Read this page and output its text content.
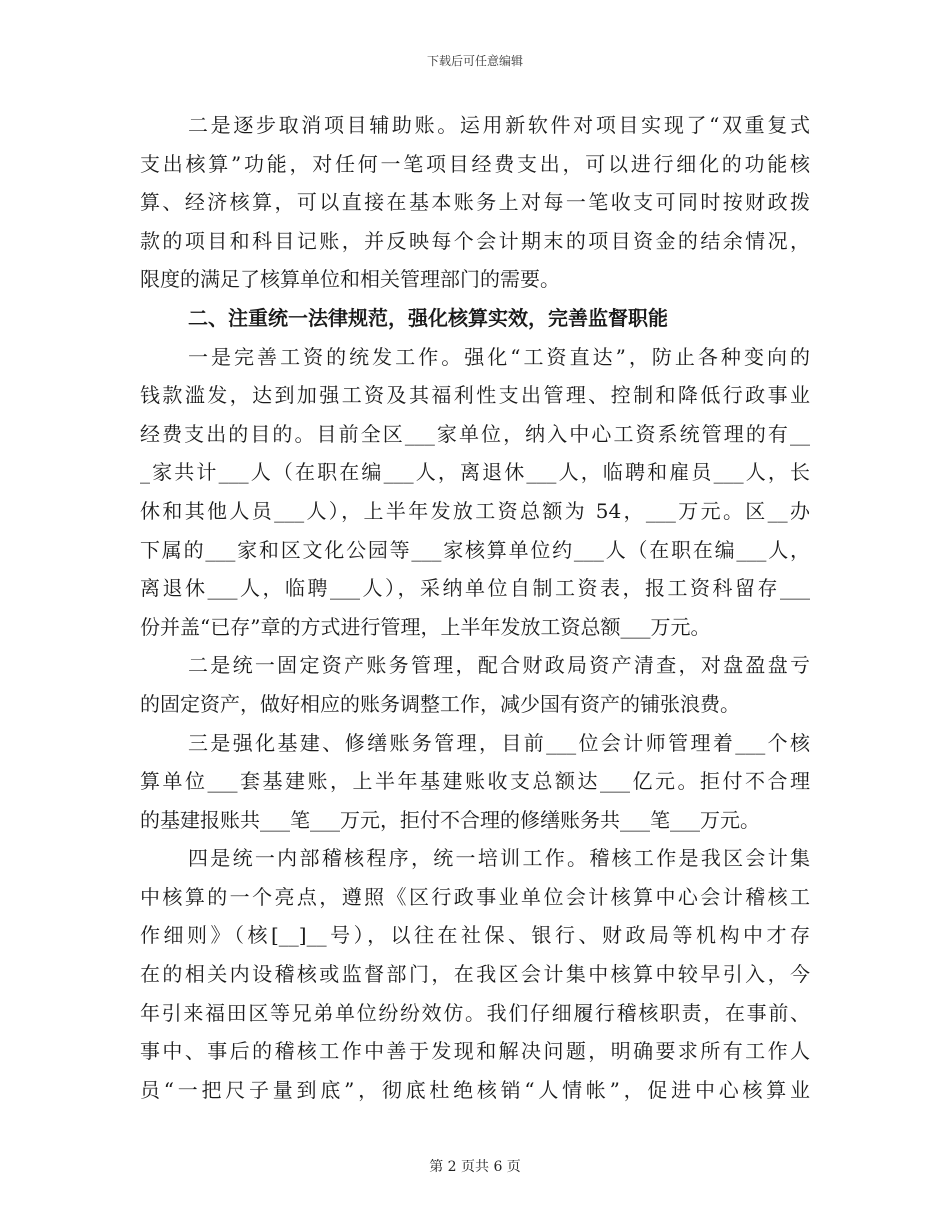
下载后可任意编辑
二是逐步取消项目辅助账。运用新软件对项目实现了“双重复式
支出核算”功能，对任何一笔项目经费支出，可以进行细化的功能核
算、经济核算，可以直接在基本账务上对每一笔收支可同时按财政拨
款的项目和科目记账，并反映每个会计期末的项目资金的结余情况，
限度的满足了核算单位和相关管理部门的需要。
二、注重统一法律规范，强化核算实效，完善监督职能
一是完善工资的统发工作。强化“工资直达”，防止各种变向的
钱款滥发，达到加强工资及其福利性支出管理、控制和降低行政事业
经费支出的目的。目前全区___家单位，纳入中心工资系统管理的有__
_家共计___人（在职在编___人，离退休___人，临聘和雇员___人，长
休和其他人员___人），上半年发放工资总额为 54，___万元。区__办
下属的___家和区文化公园等___家核算单位约___人（在职在编___人，
离退休___人，临聘___人），采纳单位自制工资表，报工资科留存___
份并盖“已存”章的方式进行管理，上半年发放工资总额___万元。
二是统一固定资产账务管理，配合财政局资产清查，对盘盈盘亏
的固定资产，做好相应的账务调整工作，减少国有资产的铺张浪费。
三是强化基建、修缮账务管理，目前___位会计师管理着___个核
算单位___套基建账，上半年基建账收支总额达___亿元。拒付不合理
的基建报账共___笔___万元，拒付不合理的修缮账务共___笔___万元。
四是统一内部稽核程序，统一培训工作。稽核工作是我区会计集
中核算的一个亮点，遵照《区行政事业单位会计核算中心会计稽核工
作细则》（核[__]__号），以往在社保、银行、财政局等机构中才存
在的相关内设稽核或监督部门，在我区会计集中核算中较早引入，今
年引来福田区等兄弟单位纷纷效仿。我们仔细履行稽核职责，在事前、
事中、事后的稽核工作中善于发现和解决问题，明确要求所有工作人
员“一把尺子量到底”，彻底杜绝核销“人情帐”，促进中心核算业
第 2 页共 6 页
